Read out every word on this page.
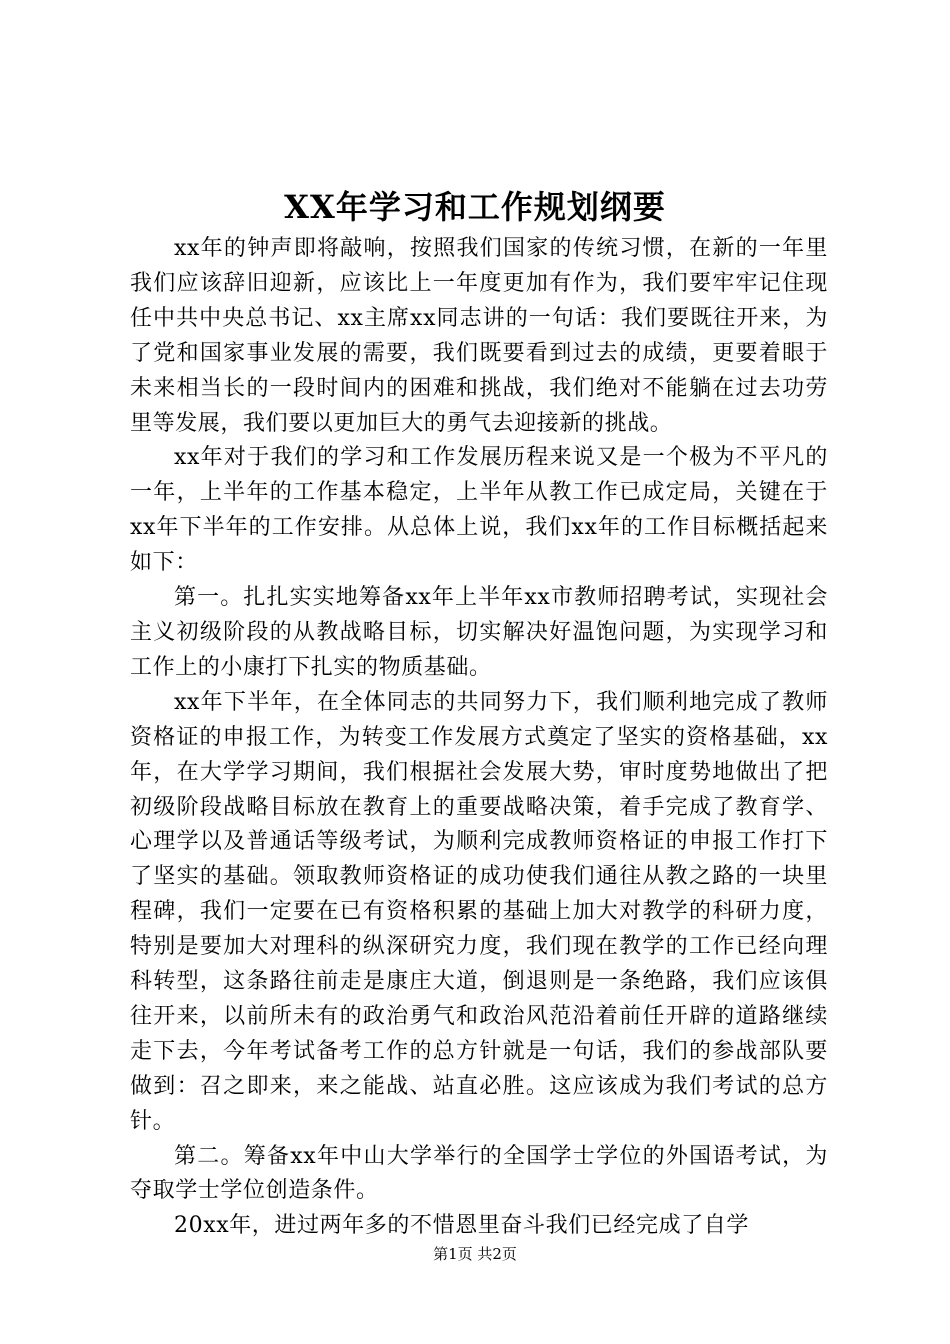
XX年学习和工作规划纲要

xx年的钟声即将敲响，按照我们国家的传统习惯，在新的一年里我们应该辞旧迎新，应该比上一年度更加有作为，我们要牢牢记住现任中共中央总书记、xx主席xx同志讲的一句话：我们要既往开来，为了党和国家事业发展的需要，我们既要看到过去的成绩，更要着眼于未来相当长的一段时间内的困难和挑战，我们绝对不能躺在过去功劳里等发展，我们要以更加巨大的勇气去迎接新的挑战。

xx年对于我们的学习和工作发展历程来说又是一个极为不平凡的一年，上半年的工作基本稳定，上半年从教工作已成定局，关键在于xx年下半年的工作安排。从总体上说，我们xx年的工作目标概括起来如下：

第一。扎扎实实地筹备xx年上半年xx市教师招聘考试，实现社会主义初级阶段的从教战略目标，切实解决好温饱问题，为实现学习和工作上的小康打下扎实的物质基础。

xx年下半年，在全体同志的共同努力下，我们顺利地完成了教师资格证的申报工作，为转变工作发展方式奠定了坚实的资格基础，xx年，在大学学习期间，我们根据社会发展大势，审时度势地做出了把初级阶段战略目标放在教育上的重要战略决策，着手完成了教育学、心理学以及普通话等级考试，为顺利完成教师资格证的申报工作打下了坚实的基础。领取教师资格证的成功使我们通往从教之路的一块里程碑，我们一定要在已有资格积累的基础上加大对教学的科研力度，特别是要加大对理科的纵深研究力度，我们现在教学的工作已经向理科转型，这条路往前走是康庄大道，倒退则是一条绝路，我们应该俱往开来，以前所未有的政治勇气和政治风范沿着前任开辟的道路继续走下去，今年考试备考工作的总方针就是一句话，我们的参战部队要做到：召之即来，来之能战、站直必胜。这应该成为我们考试的总方针。

第二。筹备xx年中山大学举行的全国学士学位的外国语考试，为夺取学士学位创造条件。

20xx年，进过两年多的不惜恩里奋斗我们已经完成了自学

第1页 共2页
